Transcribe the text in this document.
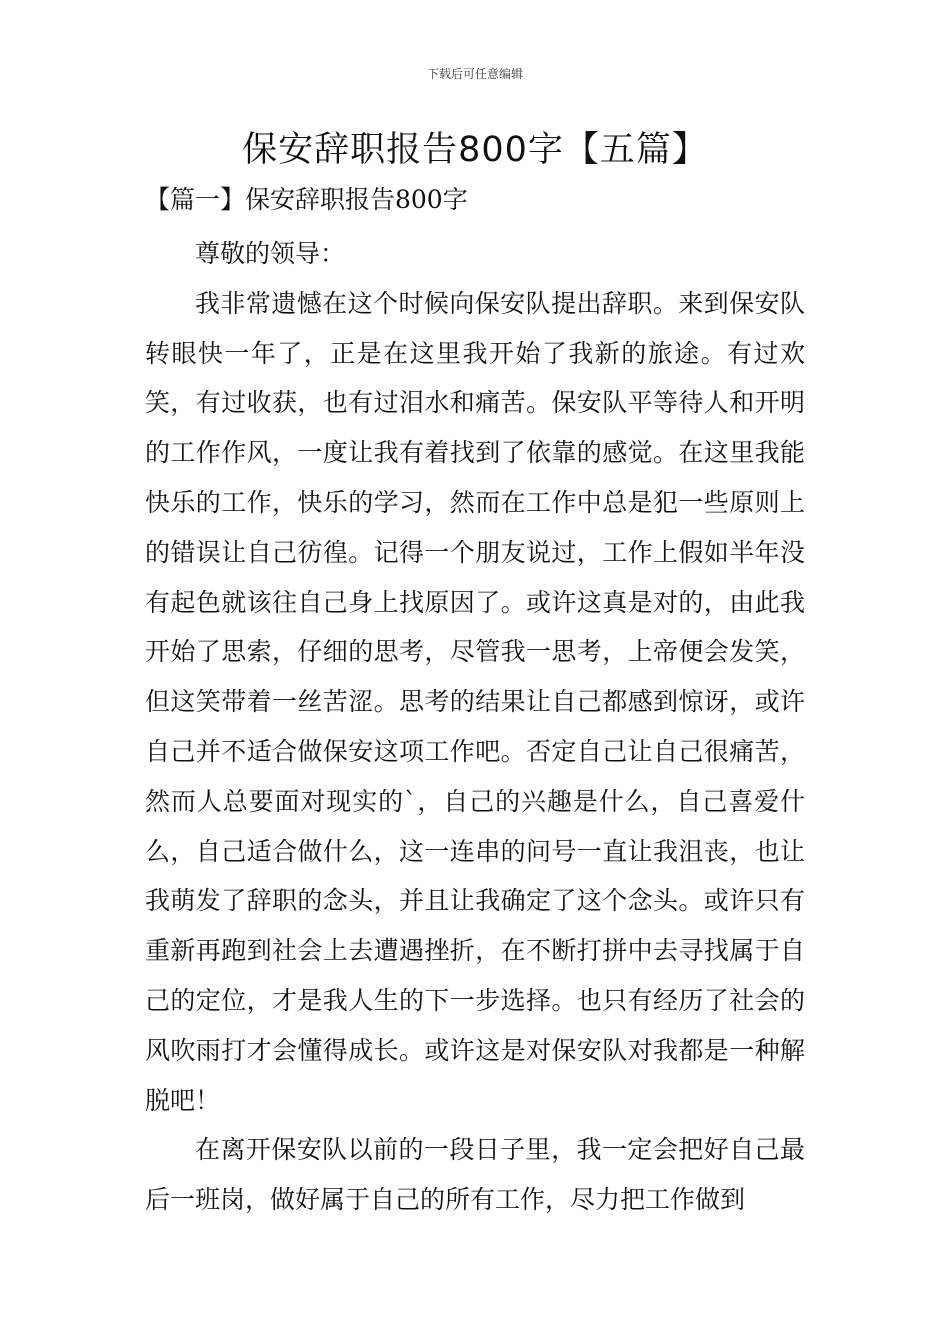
下载后可任意编辑
保安辞职报告800字【五篇】
【篇一】保安辞职报告800字

尊敬的领导：

我非常遗憾在这个时候向保安队提出辞职。来到保安队转眼快一年了，正是在这里我开始了我新的旅途。有过欢笑，有过收获，也有过泪水和痛苦。保安队平等待人和开明的工作作风，一度让我有着找到了依靠的感觉。在这里我能快乐的工作，快乐的学习，然而在工作中总是犯一些原则上的错误让自己彷徨。记得一个朋友说过，工作上假如半年没有起色就该往自己身上找原因了。或许这真是对的，由此我开始了思索，仔细的思考，尽管我一思考，上帝便会发笑，但这笑带着一丝苦涩。思考的结果让自己都感到惊讶，或许自己并不适合做保安这项工作吧。否定自己让自己很痛苦，然而人总要面对现实的`，自己的兴趣是什么，自己喜爱什么，自己适合做什么，这一连串的问号一直让我沮丧，也让我萌发了辞职的念头，并且让我确定了这个念头。或许只有重新再跑到社会上去遭遇挫折，在不断打拼中去寻找属于自己的定位，才是我人生的下一步选择。也只有经历了社会的风吹雨打才会懂得成长。或许这是对保安队对我都是一种解脱吧！

在离开保安队以前的一段日子里，我一定会把好自己最后一班岗，做好属于自己的所有工作，尽力把工作做到
